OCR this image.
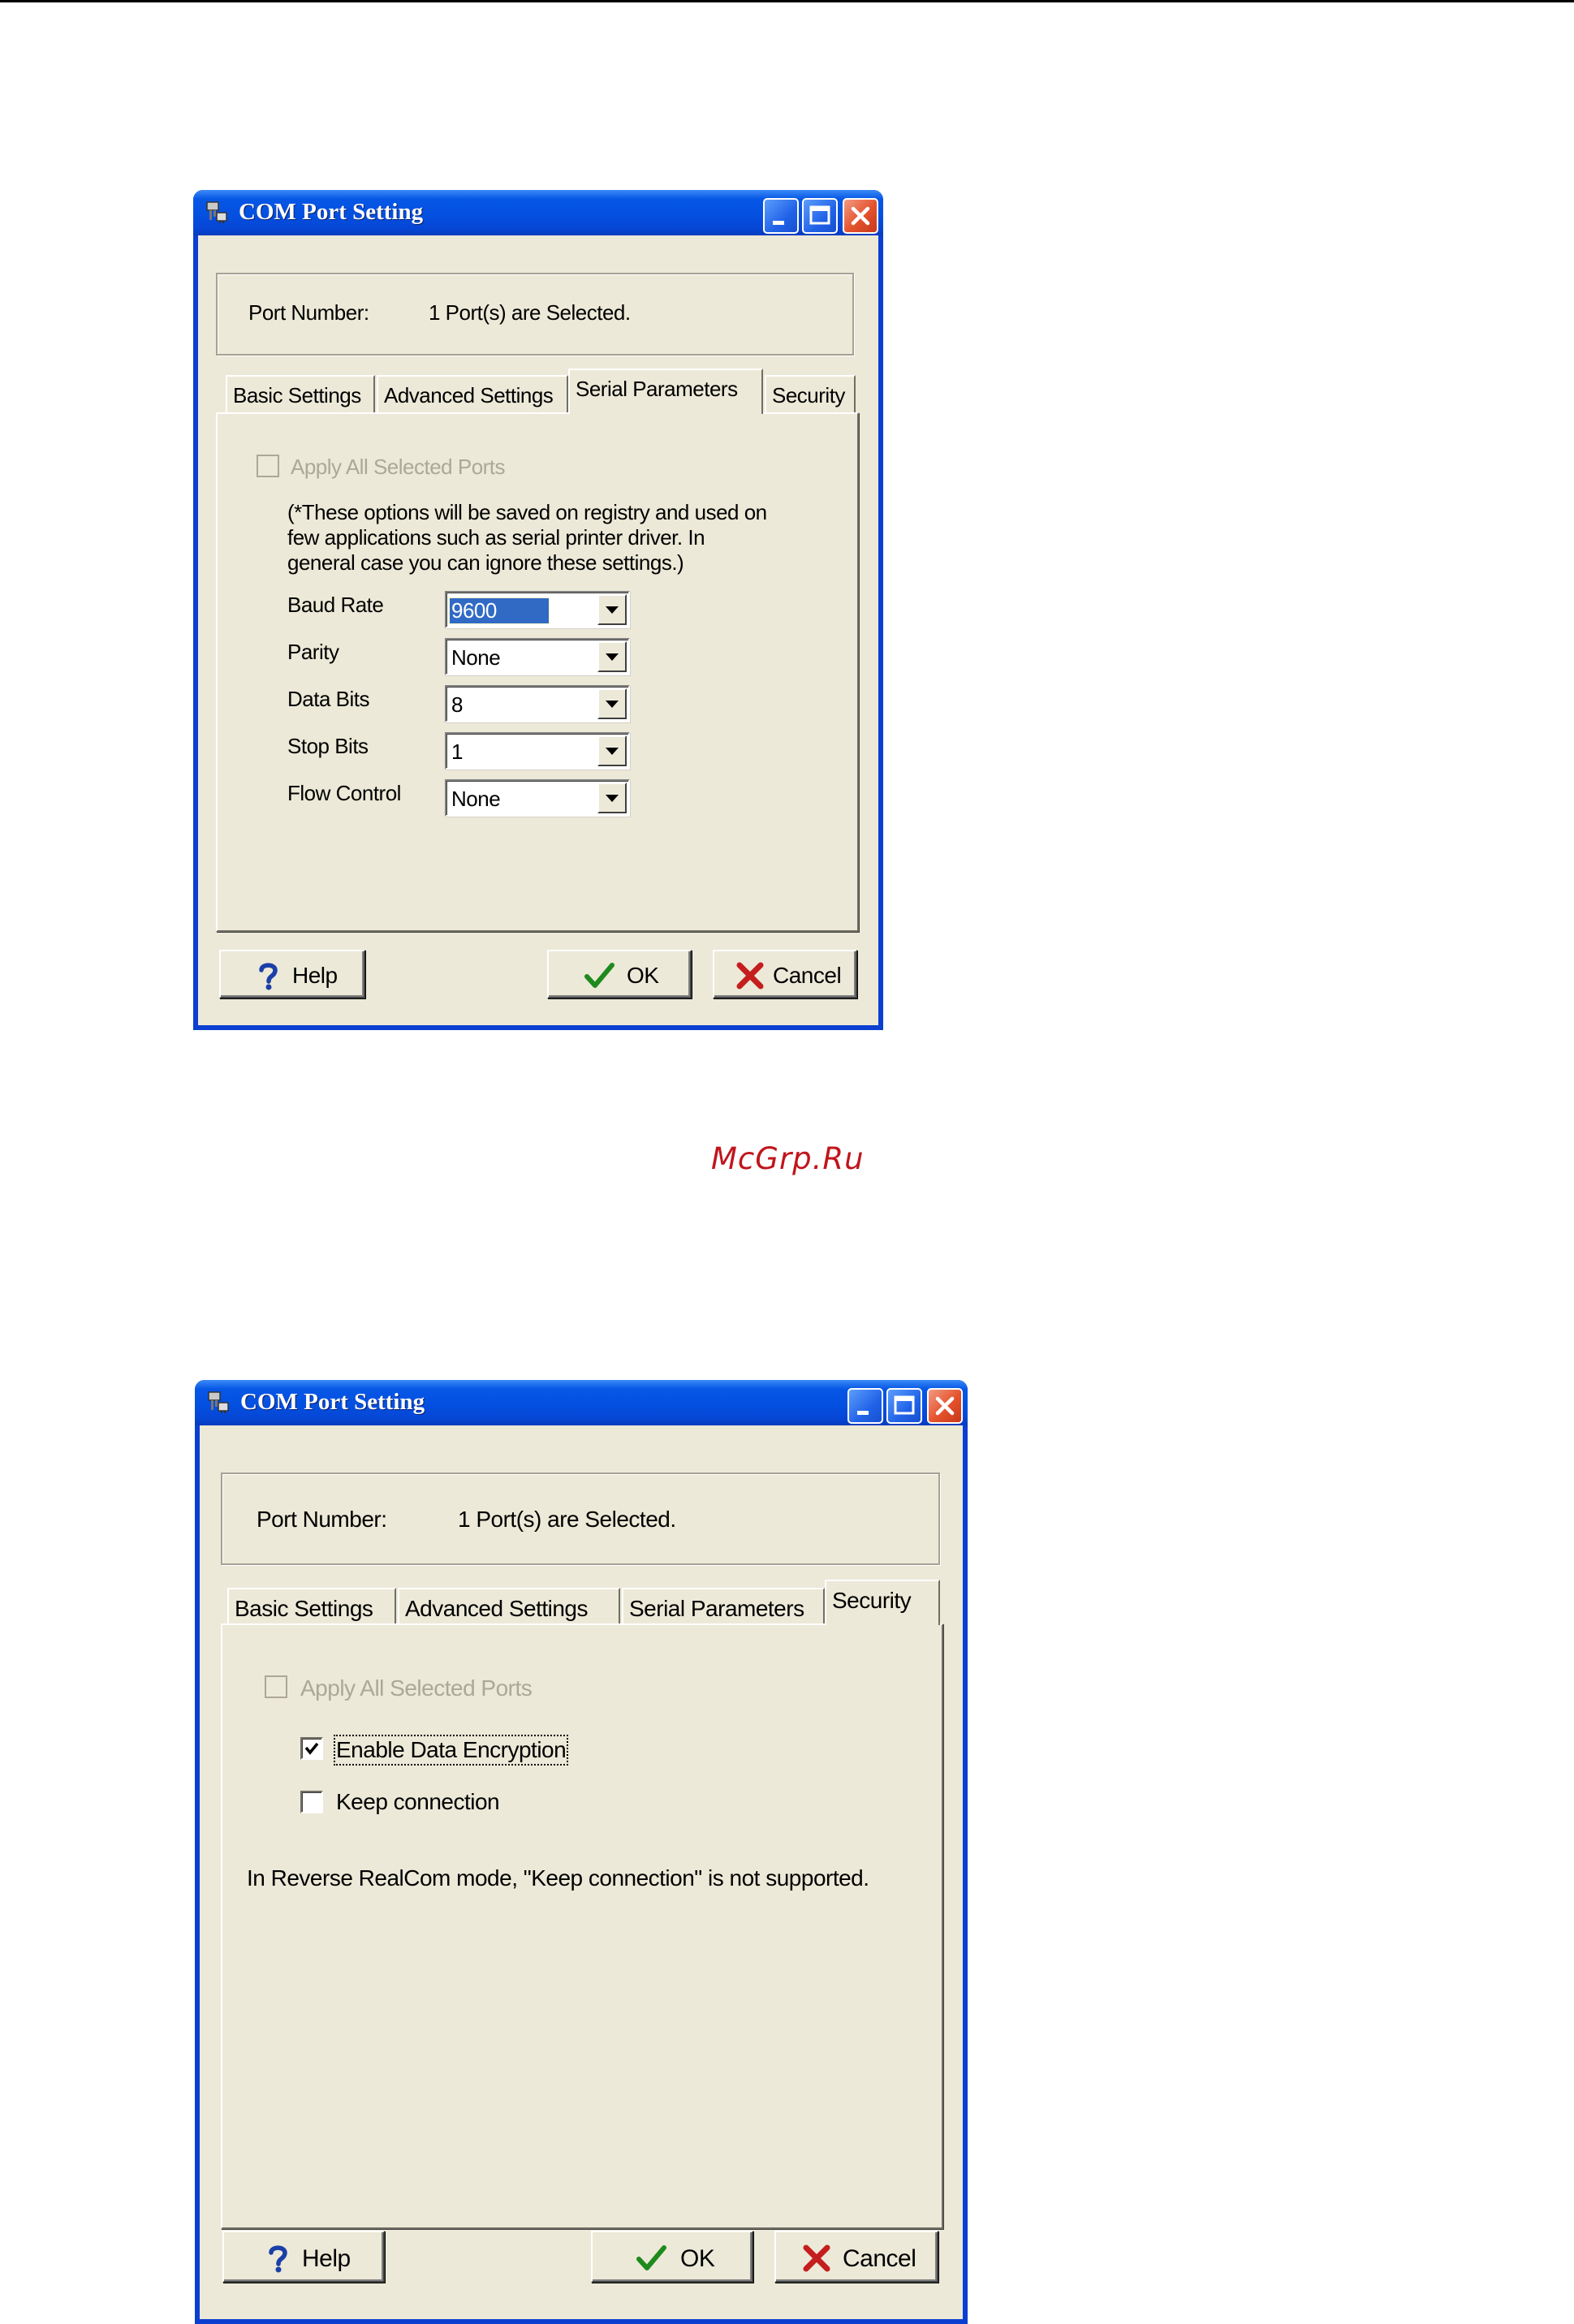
COM Port Setting
Port Number:	1 Port(s) are Selected.
Basic Settings	Advanced Settings	Serial Parameters	Security
Apply All Selected Ports
(*These options will be saved on registry and used on
few applications such as serial printer driver. In
general case you can ignore these settings.)
Baud Rate	9600
Parity	None
Data Bits	8
Stop Bits	1
Flow Control None
Help	OK	Cancel
McGrp.Ru
COM Port Setting
Port Number:	1 Port(s) are Selected.
Basic Settings	Advanced Settings	Serial Parameters	Security
Apply All Selected Ports
Enable Data Encryption
Keep connection
In Reverse RealCom mode, "Keep connection" is not supported.
Help	OK	Cancel
